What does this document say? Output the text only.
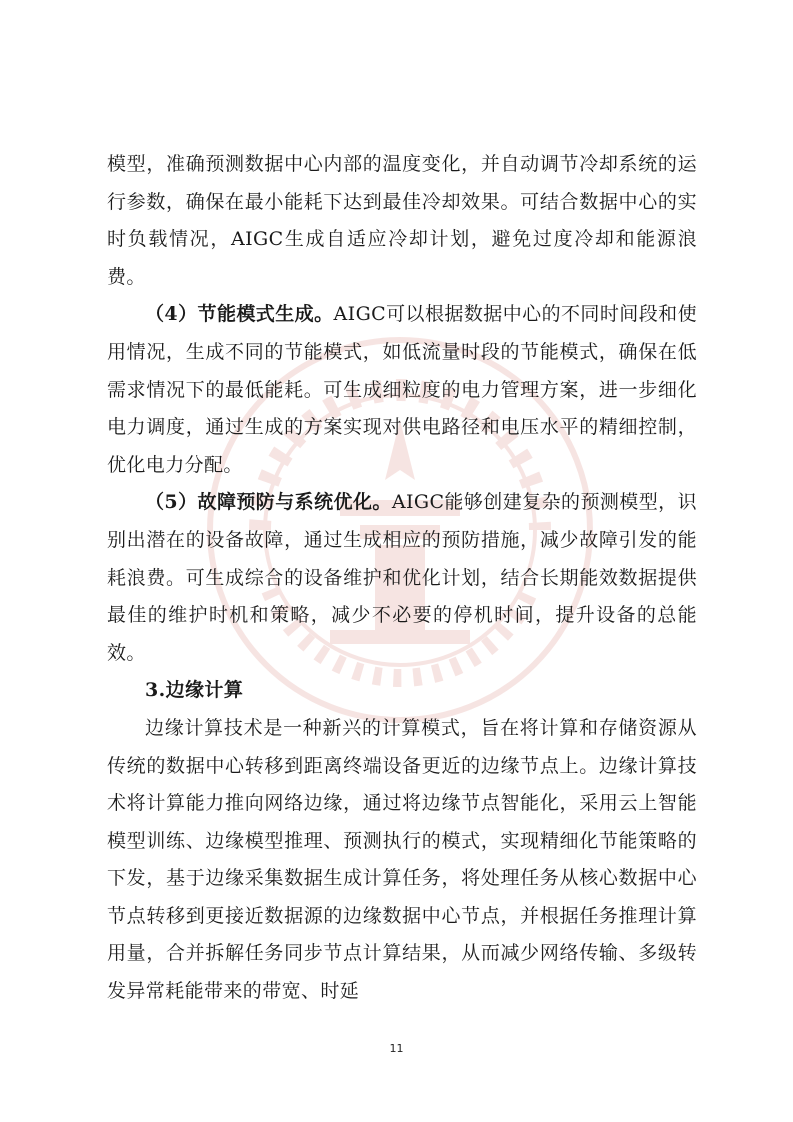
模型，准确预测数据中心内部的温度变化，并自动调节冷却系统的运行参数，确保在最小能耗下达到最佳冷却效果。可结合数据中心的实时负载情况，AIGC生成自适应冷却计划，避免过度冷却和能源浪费。

（4）节能模式生成。AIGC可以根据数据中心的不同时间段和使用情况，生成不同的节能模式，如低流量时段的节能模式，确保在低需求情况下的最低能耗。可生成细粒度的电力管理方案，进一步细化电力调度，通过生成的方案实现对供电路径和电压水平的精细控制，优化电力分配。

（5）故障预防与系统优化。AIGC能够创建复杂的预测模型，识别出潜在的设备故障，通过生成相应的预防措施，减少故障引发的能耗浪费。可生成综合的设备维护和优化计划，结合长期能效数据提供最佳的维护时机和策略，减少不必要的停机时间，提升设备的总能效。

3.边缘计算

边缘计算技术是一种新兴的计算模式，旨在将计算和存储资源从传统的数据中心转移到距离终端设备更近的边缘节点上。边缘计算技术将计算能力推向网络边缘，通过将边缘节点智能化，采用云上智能模型训练、边缘模型推理、预测执行的模式，实现精细化节能策略的下发，基于边缘采集数据生成计算任务，将处理任务从核心数据中心节点转移到更接近数据源的边缘数据中心节点，并根据任务推理计算用量，合并拆解任务同步节点计算结果，从而减少网络传输、多级转发异常耗能带来的带宽、时延

11
